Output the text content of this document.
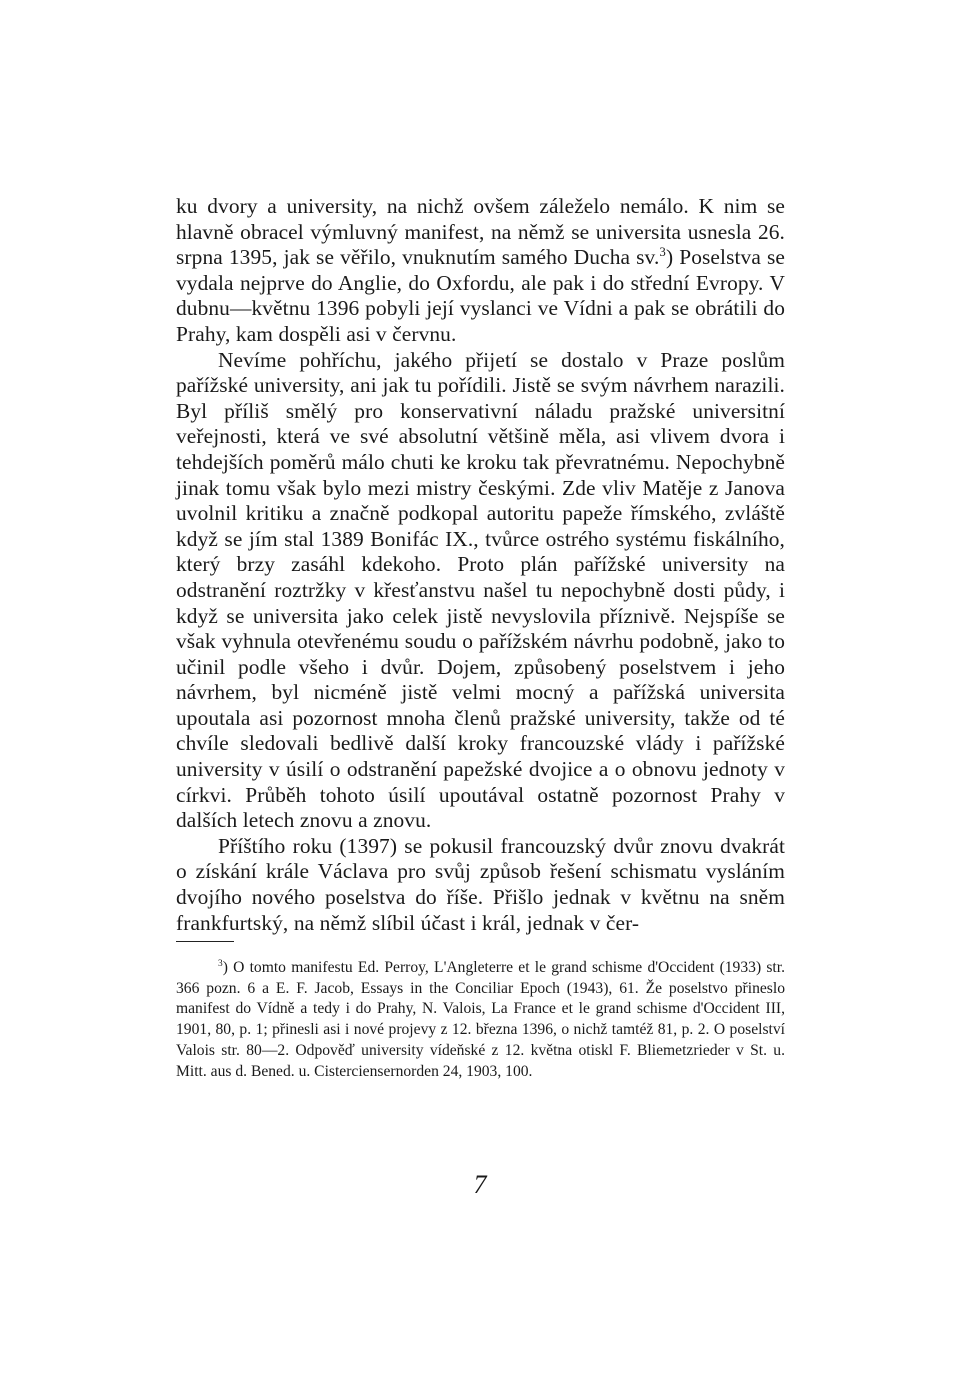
ku dvory a university, na nichž ovšem záleželo nemálo. K nim se hlavně obracel výmluvný manifest, na němž se universita usnesla 26. srpna 1395, jak se věřilo, vnuknutím samého Ducha sv.$^3$) Poselstva se vydala nejprve do Anglie, do Oxfordu, ale pak i do střední Evropy. V dubnu—květnu 1396 pobyli její vyslanci ve Vídni a pak se obrátili do Prahy, kam dospěli asi v červnu.

Nevíme pohříchu, jakého přijetí se dostalo v Praze poslům pařížské university, ani jak tu pořídili. Jistě se svým návrhem narazili. Byl příliš smělý pro konservativní náladu pražské universitní veřejnosti, která ve své absolutní většině měla, asi vlivem dvora i tehdejších poměrů málo chuti ke kroku tak převratnému. Nepochybně jinak tomu však bylo mezi mistry českými. Zde vliv Matěje z Janova uvolnil kritiku a značně podkopal autoritu papeže římského, zvláště když se jím stal 1389 Bonifác IX., tvůrce ostrého systému fiskálního, který brzy zasáhl kdekoho. Proto plán pařížské university na odstranění roztržky v křesťanstvu našel tu nepochybně dosti půdy, i když se universita jako celek jistě nevyslovila příznivě. Nejspíše se však vyhnula otevřenému soudu o pařížském návrhu podobně, jako to učinil podle všeho i dvůr. Dojem, způsobený poselstvem i jeho návrhem, byl nicméně jistě velmi mocný a pařížská universita upoutala asi pozornost mnoha členů pražské university, takže od té chvíle sledovali bedlivě další kroky francouzské vlády i pařížské university v úsilí o odstranění papežské dvojice a o obnovu jednoty v církvi. Průběh tohoto úsilí upoutával ostatně pozornost Prahy v dalších letech znovu a znovu.

Příštího roku (1397) se pokusil francouzský dvůr znovu dvakrát o získání krále Václava pro svůj způsob řešení schismatu vysláním dvojího nového poselstva do říše. Přišlo jednak v květnu na sněm frankfurtský, na němž slíbil účast i král, jednak v čer-

$^3$) O tomto manifestu Ed. Perroy, L'Angleterre et le grand schisme d'Occident (1933) str. 366 pozn. 6 a E. F. Jacob, Essays in the Conciliar Epoch (1943), 61. Že poselstvo přineslo manifest do Vídně a tedy i do Prahy, N. Valois, La France et le grand schisme d'Occident III, 1901, 80, p. 1; přinesli asi i nové projevy z 12. března 1396, o nichž tamtéž 81, p. 2. O poselství Valois str. 80—2. Odpověď university vídeňské z 12. května otiskl F. Bliemetzrieder v St. u. Mitt. aus d. Bened. u. Cisterciensernorden 24, 1903, 100.

7
